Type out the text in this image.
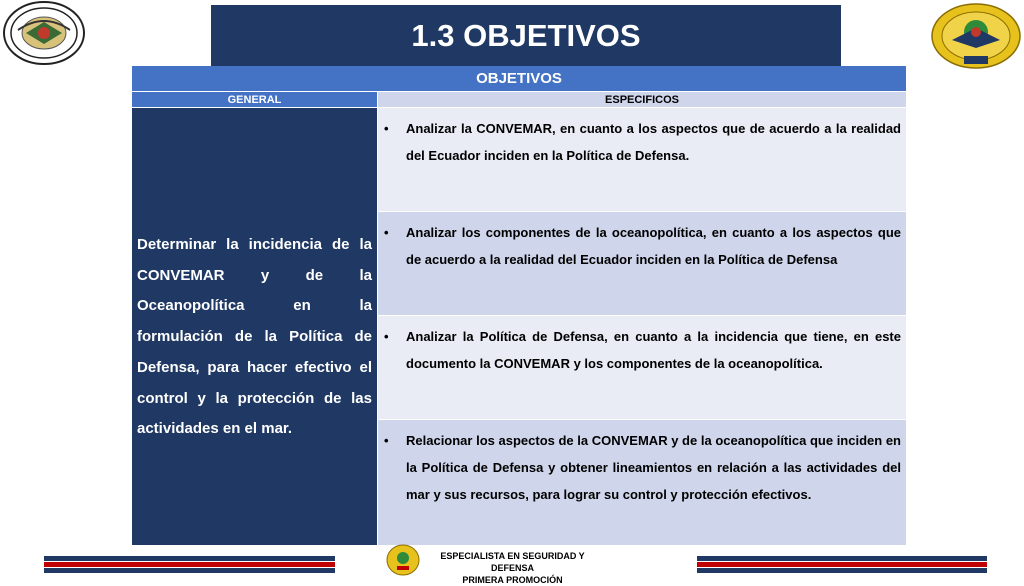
1.3 OBJETIVOS
OBJETIVOS
GENERAL	ESPECIFICOS
Determinar la incidencia de la CONVEMAR y de la Oceanopolítica en la formulación de la Política de Defensa, para hacer efectivo el control y la protección de las actividades en el mar.
• Analizar la CONVEMAR, en cuanto a los aspectos que de acuerdo a la realidad del Ecuador inciden en la Política de Defensa.
• Analizar los componentes de la oceanopolítica, en cuanto a los aspectos que de acuerdo a la realidad del Ecuador inciden en la Política de Defensa
• Analizar la Política de Defensa, en cuanto a la incidencia que tiene, en este documento la CONVEMAR y los componentes de la oceanopolítica.
• Relacionar los aspectos de la CONVEMAR y de la oceanopolítica que inciden en la Política de Defensa y obtener lineamientos en relación a las actividades del mar y sus recursos, para lograr su control y protección efectivos.
ESPECIALISTA EN SEGURIDAD Y DEFENSA
PRIMERA PROMOCIÓN
